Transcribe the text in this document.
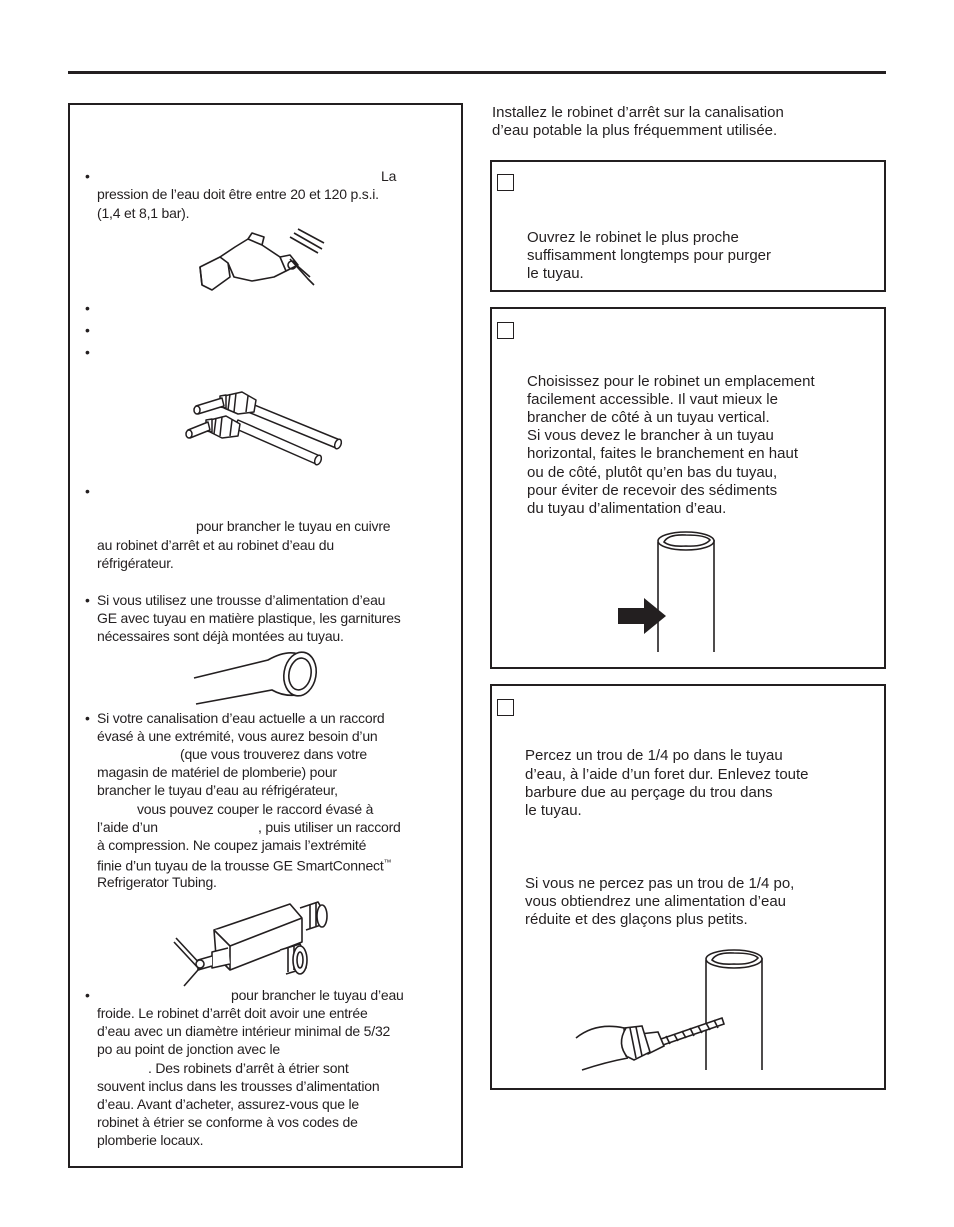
•	La
pression de l’eau doit être entre 20 et 120 p.s.i.
(1,4 et 8,1 bar).
•
•
•
•
pour brancher le tuyau en cuivre
au robinet d’arrêt et au robinet d’eau du
réfrigérateur.
• Si vous utilisez une trousse d’alimentation d’eau
GE avec tuyau en matière plastique, les garnitures
nécessaires sont déjà montées au tuyau.
• Si votre canalisation d’eau actuelle a un raccord
évasé à une extrémité, vous aurez besoin d’un
(que vous trouverez dans votre
magasin de matériel de plomberie) pour
brancher le tuyau d’eau au réfrigérateur,
vous pouvez couper le raccord évasé à
l’aide d’un	, puis utiliser un raccord
à compression. Ne coupez jamais l’extrémité
finie d’un tuyau de la trousse GE SmartConnect™
Refrigerator Tubing.
•	pour brancher le tuyau d’eau
froide. Le robinet d’arrêt doit avoir une entrée
d’eau avec un diamètre intérieur minimal de 5/32
po au point de jonction avec le
. Des robinets d’arrêt à étrier sont
souvent inclus dans les trousses d’alimentation
d’eau. Avant d’acheter, assurez-vous que le
robinet à étrier se conforme à vos codes de
plomberie locaux.
Installez le robinet d’arrêt sur la canalisation
d’eau potable la plus fréquemment utilisée.
Ouvrez le robinet le plus proche
suffisamment longtemps pour purger
le tuyau.
Choisissez pour le robinet un emplacement
facilement accessible. Il vaut mieux le
brancher de côté à un tuyau vertical.
Si vous devez le brancher à un tuyau
horizontal, faites le branchement en haut
ou de côté, plutôt qu’en bas du tuyau,
pour éviter de recevoir des sédiments
du tuyau d’alimentation d’eau.
Percez un trou de 1/4 po dans le tuyau
d’eau, à l’aide d’un foret dur. Enlevez toute
barbure due au perçage du trou dans
le tuyau.
Si vous ne percez pas un trou de 1/4 po,
vous obtiendrez une alimentation d’eau
réduite et des glaçons plus petits.
